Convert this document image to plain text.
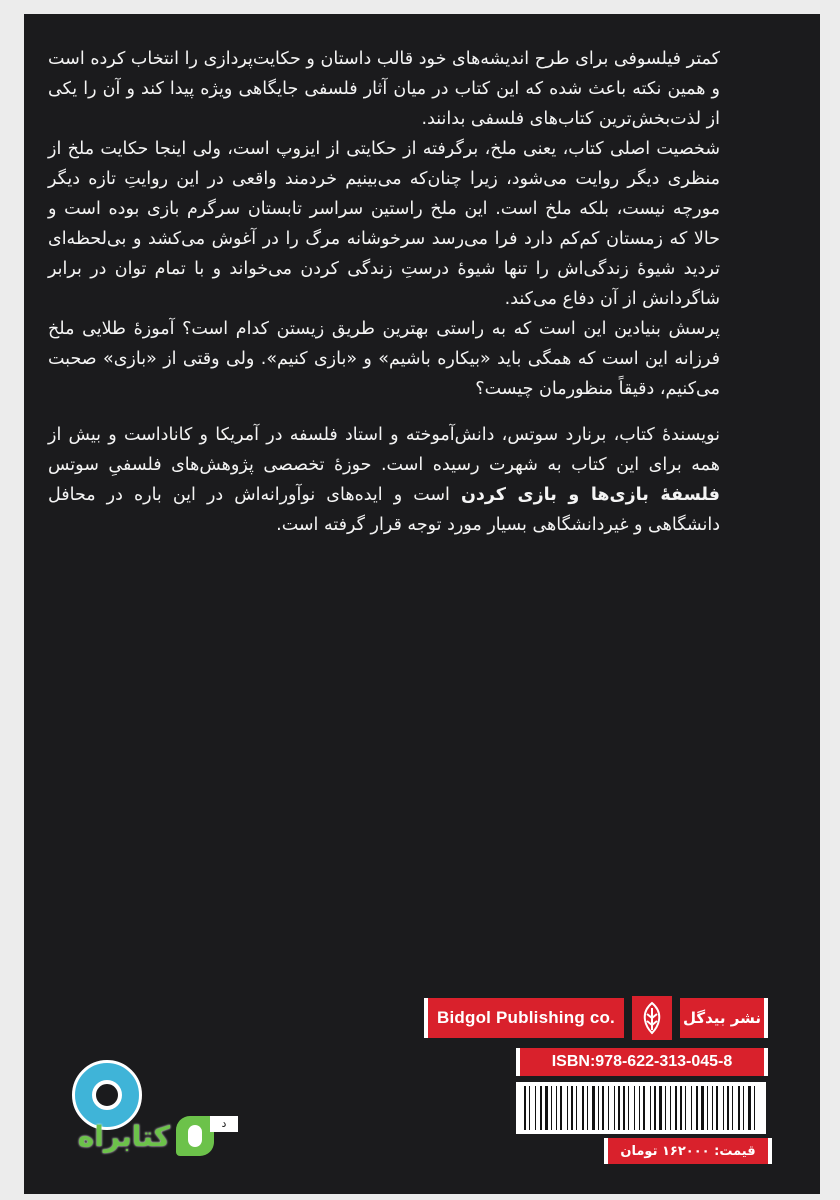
کمتر فیلسوفی برای طرح اندیشه‌های خود قالب داستان و حکایت‌پردازی را انتخاب کرده است و همین نکته باعث شده که این کتاب در میان آثار فلسفی جایگاهی ویژه پیدا کند و آن را یکی از لذت‌بخش‌ترین کتاب‌های فلسفی بدانند.

شخصیت اصلی کتاب، یعنی ملخ، برگرفته از حکایتی از ایزوپ است، ولی اینجا حکایت ملخ از منظری دیگر روایت می‌شود، زیرا چنان‌که می‌بینیم خردمند واقعی در این روایتِ تازه دیگر مورچه نیست، بلکه ملخ است. این ملخ راستین سراسر تابستان سرگرم بازی بوده است و حالا که زمستان کم‌کم دارد فرا می‌رسد سرخوشانه مرگ را در آغوش می‌کشد و بی‌لحظه‌ای تردید شیوهٔ زندگی‌اش را تنها شیوهٔ درستِ زندگی کردن می‌خواند و با تمام توان در برابر شاگردانش از آن دفاع می‌کند.

پرسش بنیادین این است که به راستی بهترین طریق زیستن کدام است؟ آموزهٔ طلایی ملخ فرزانه این است که همگی باید «بیکاره باشیم» و «بازی کنیم». ولی وقتی از «بازی» صحبت می‌کنیم، دقیقاً منظورمان چیست؟

نویسندهٔ کتاب، برنارد سوتس، دانش‌آموخته و استاد فلسفه در آمریکا و کاناداست و بیش از همه برای این کتاب به شهرت رسیده است. حوزهٔ تخصصی پژوهش‌های فلسفیِ سوتس فلسفهٔ بازی‌ها و بازی کردن است و ایده‌های نوآورانه‌اش در این باره در محافل دانشگاهی و غیردانشگاهی بسیار مورد توجه قرار گرفته است.

Bidgol Publishing co.	نشر بیدگل
ISBN:978-622-313-045-8
قیمت: ۱۶۲۰۰۰ تومان
کتابراه	د
